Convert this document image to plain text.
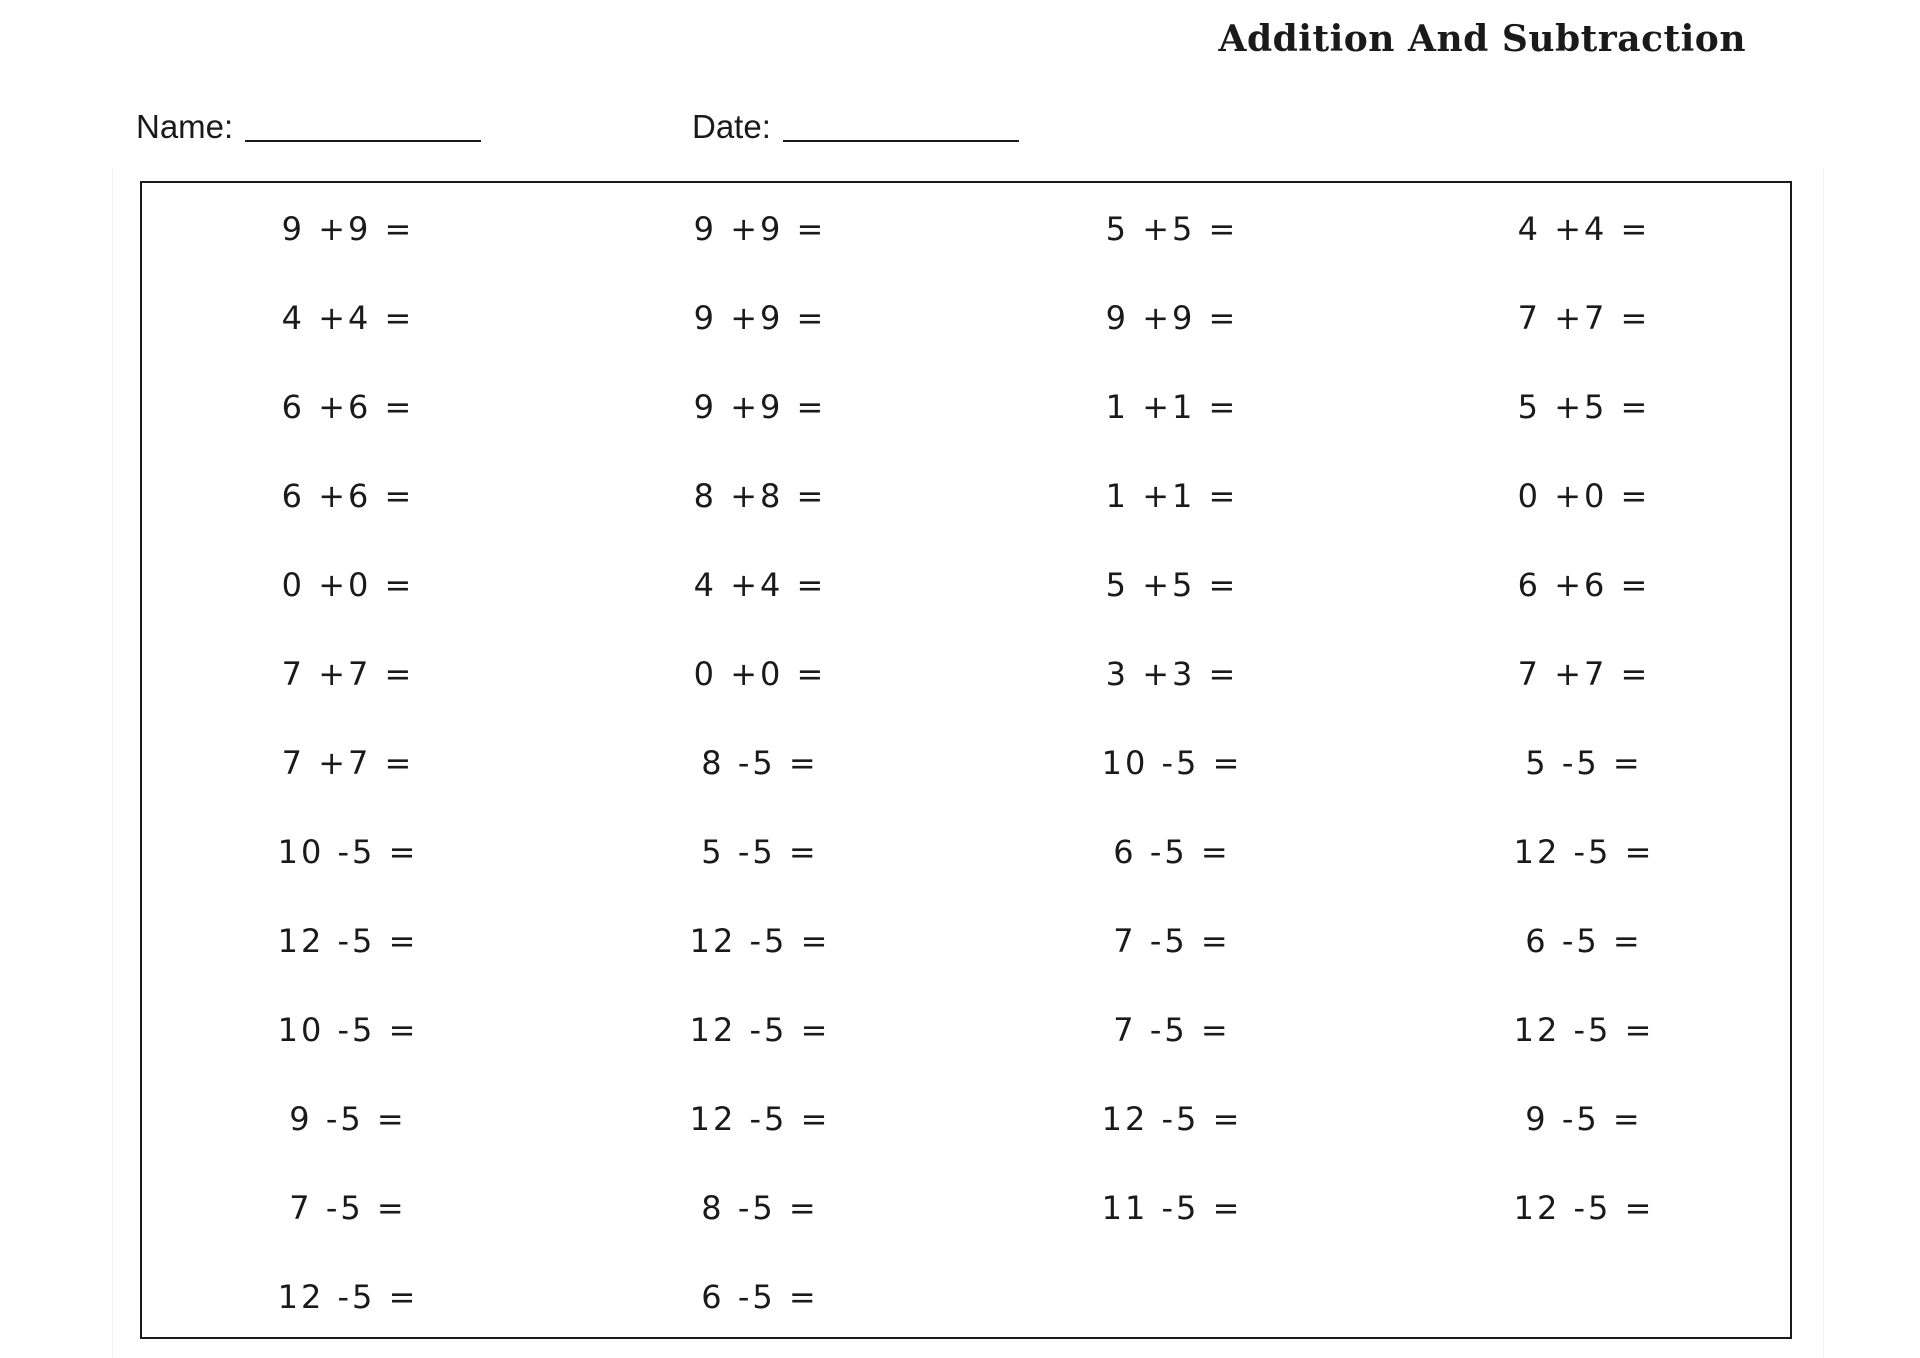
Addition And Subtraction
Name:	Date:
9 +9 =	9 +9 =	5 +5 =	4 +4 =
4 +4 =	9 +9 =	9 +9 =	7 +7 =
6 +6 =	9 +9 =	1 +1 =	5 +5 =
6 +6 =	8 +8 =	1 +1 =	0 +0 =
0 +0 =	4 +4 =	5 +5 =	6 +6 =
7 +7 =	0 +0 =	3 +3 =	7 +7 =
7 +7 =	8 -5 =	10 -5 =	5 -5 =
10 -5 =	5 -5 =	6 -5 =	12 -5 =
12 -5 =	12 -5 =	7 -5 =	6 -5 =
10 -5 =	12 -5 =	7 -5 =	12 -5 =
9 -5 =	12 -5 =	12 -5 =	9 -5 =
7 -5 =	8 -5 =	11 -5 =	12 -5 =
12 -5 =	6 -5 =
